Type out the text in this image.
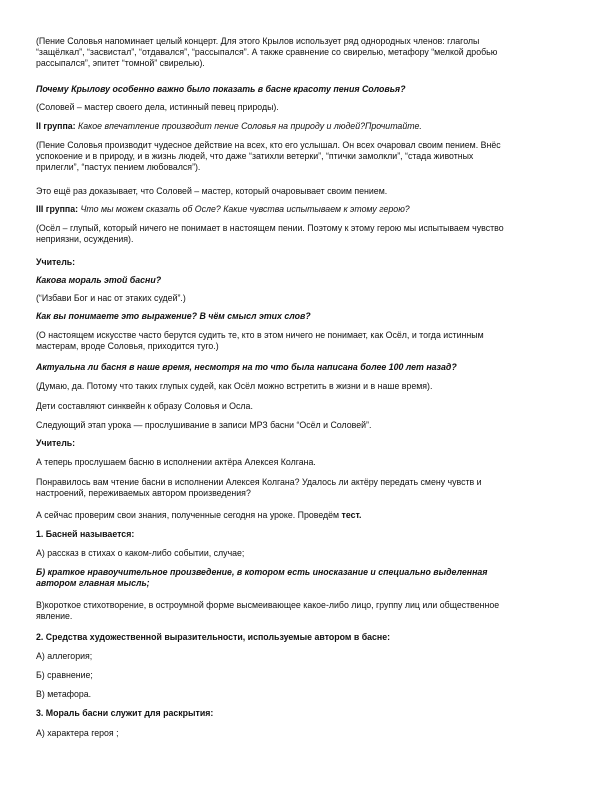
(Пение Соловья напоминает целый концерт. Для этого Крылов использует ряд однородных членов: глаголы
“защёлкал”, “засвистал”, “отдавался”, “рассыпался”. А также сравнение со свирелью, метафору “мелкой дробью
рассыпался”, эпитет “томной” свирелью).

Почему Крылову особенно важно было показать в басне красоту пения Соловья?

(Соловей – мастер своего дела, истинный певец природы).

II группа: Какое впечатление производит пение Соловья на природу и людей?Прочитайте.

(Пение Соловья производит чудесное действие на всех, кто его услышал. Он всех очаровал своим пением. Внёс
успокоение и в природу, и в жизнь людей, что даже “затихли ветерки”, “птички замолкли”, “стада животных
прилегли”, “пастух пением любовался”).

Это ещё раз доказывает, что Соловей – мастер, который очаровывает своим пением.

III группа: Что мы можем сказать об Осле? Какие чувства испытываем к этому герою?

(Осёл – глупый, который ничего не понимает в настоящем пении. Поэтому к этому герою мы испытываем чувство
неприязни, осуждения).

Учитель:

Какова мораль этой басни?

(“Избави Бог и нас от этаких судей”.)

Как вы понимаете это выражение? В чём смысл этих слов?

(О настоящем искусстве часто берутся судить те, кто в этом ничего не понимает, как Осёл, и тогда истинным
мастерам, вроде Соловья, приходится туго.)

Актуальна ли басня в наше время, несмотря на то что была написана более 100 лет назад?

(Думаю, да. Потому что таких глупых судей, как Осёл можно встретить в жизни и в наше время).

Дети составляют синквейн к образу Соловья и Осла.

Следующий этап урока — прослушивание в записи МРЗ басни “Осёл и Соловей”.

Учитель:

А теперь прослушаем басню в исполнении актёра Алексея Колгана.

Понравилось вам чтение басни в исполнении Алексея Колгана? Удалось ли актёру передать смену чувств и
настроений, переживаемых автором произведения?

А сейчас проверим свои знания, полученные сегодня на уроке. Проведём тест.

1. Басней называется:

А) рассказ в стихах о каком-либо событии, случае;

Б) краткое нравоучительное произведение, в котором есть иносказание и специально выделенная
автором главная мысль;

В)короткое стихотворение, в остроумной форме высмеивающее какое-либо лицо, группу лиц или общественное
явление.

2. Средства художественной выразительности, используемые автором в басне:

А) аллегория;

Б) сравнение;

В) метафора.

3. Мораль басни служит для раскрытия:

А) характера героя ;
